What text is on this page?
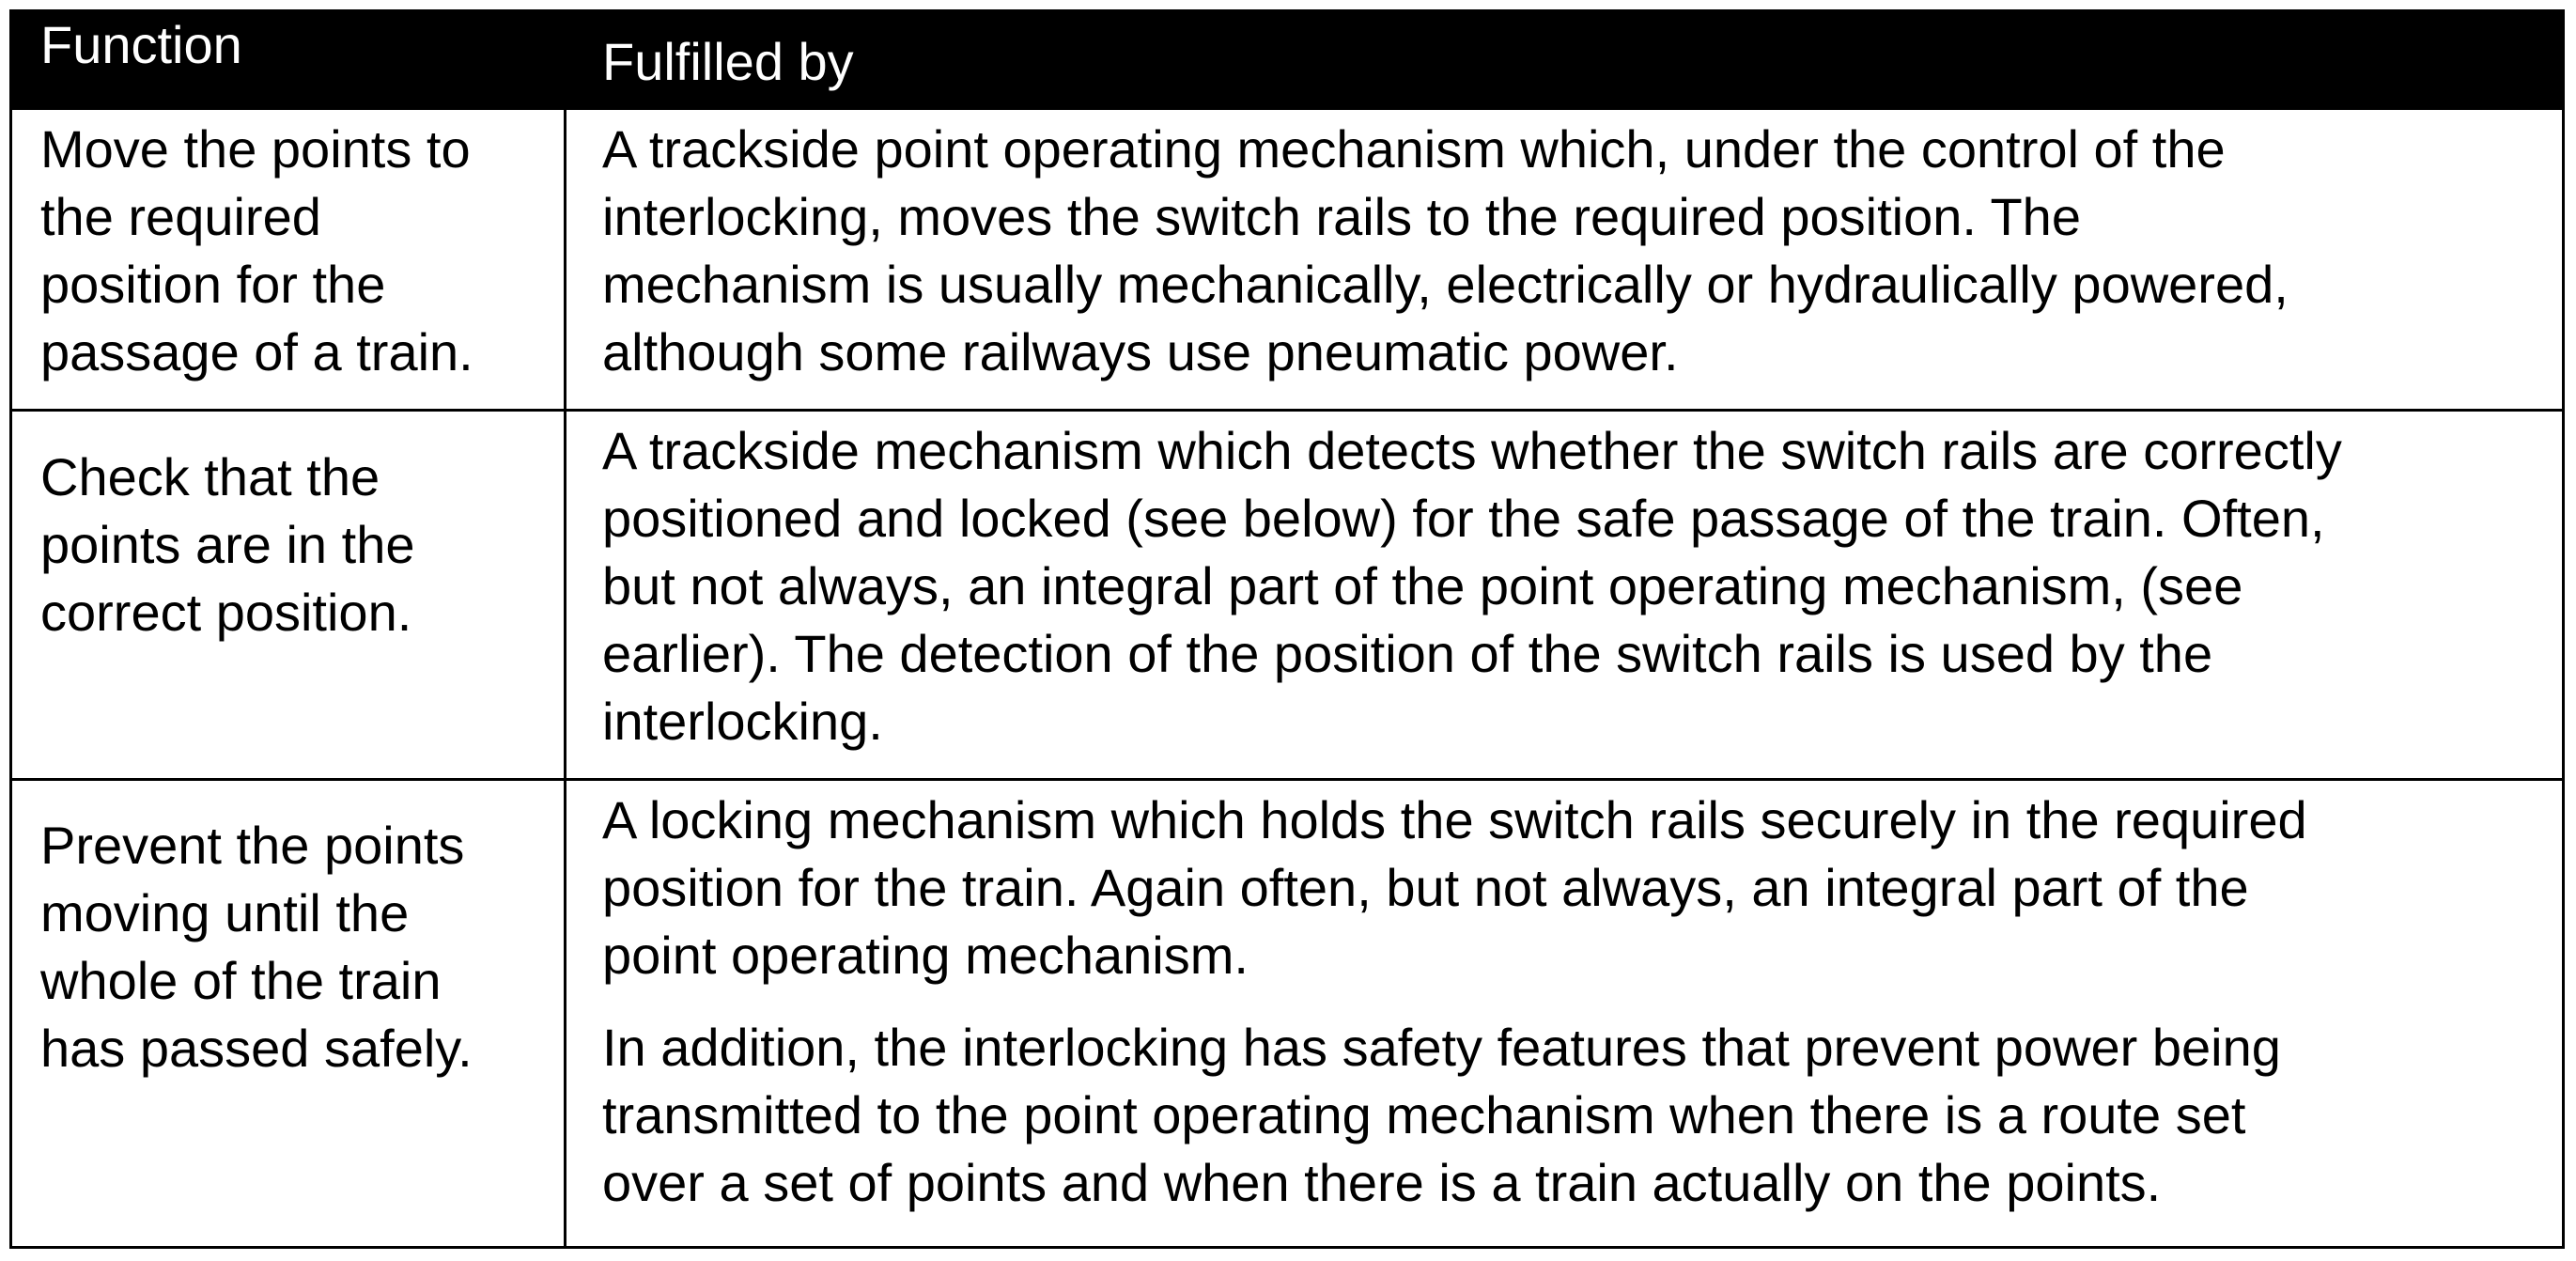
Function	Fulfilled by

Move the points to

the required

position for the

passage of a train.

A trackside point operating mechanism which, under the control of the

interlocking, moves the switch rails to the required position. The

mechanism is usually mechanically, electrically or hydraulically powered,

although some railways use pneumatic power.

Check that the

points are in the

correct position.

A trackside mechanism which detects whether the switch rails are correctly

positioned and locked (see below) for the safe passage of the train. Often,

but not always, an integral part of the point operating mechanism, (see

earlier). The detection of the position of the switch rails is used by the

interlocking.

Prevent the points

moving until the

whole of the train

has passed safely.

A locking mechanism which holds the switch rails securely in the required

position for the train. Again often, but not always, an integral part of the

point operating mechanism.

In addition, the interlocking has safety features that prevent power being

transmitted to the point operating mechanism when there is a route set

over a set of points and when there is a train actually on the points.
